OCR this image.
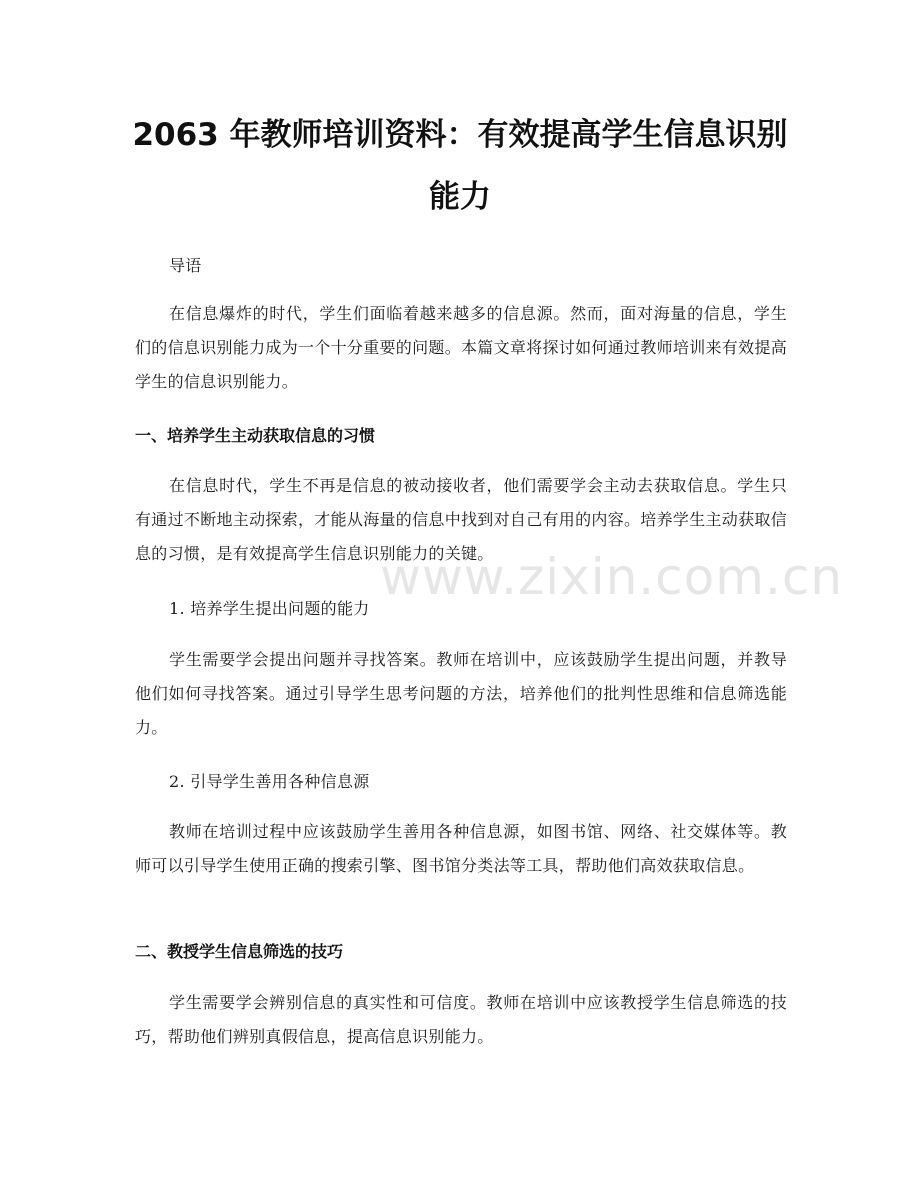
www.zixin.com.cn
2063 年教师培训资料：有效提高学生信息识别能力

导语

在信息爆炸的时代，学生们面临着越来越多的信息源。然而，面对海量的信息，学生们的信息识别能力成为一个十分重要的问题。本篇文章将探讨如何通过教师培训来有效提高学生的信息识别能力。

一、培养学生主动获取信息的习惯

在信息时代，学生不再是信息的被动接收者，他们需要学会主动去获取信息。学生只有通过不断地主动探索，才能从海量的信息中找到对自己有用的内容。培养学生主动获取信息的习惯，是有效提高学生信息识别能力的关键。

1. 培养学生提出问题的能力

学生需要学会提出问题并寻找答案。教师在培训中，应该鼓励学生提出问题，并教导他们如何寻找答案。通过引导学生思考问题的方法，培养他们的批判性思维和信息筛选能力。

2. 引导学生善用各种信息源

教师在培训过程中应该鼓励学生善用各种信息源，如图书馆、网络、社交媒体等。教师可以引导学生使用正确的搜索引擎、图书馆分类法等工具，帮助他们高效获取信息。

二、教授学生信息筛选的技巧

学生需要学会辨别信息的真实性和可信度。教师在培训中应该教授学生信息筛选的技巧，帮助他们辨别真假信息，提高信息识别能力。
